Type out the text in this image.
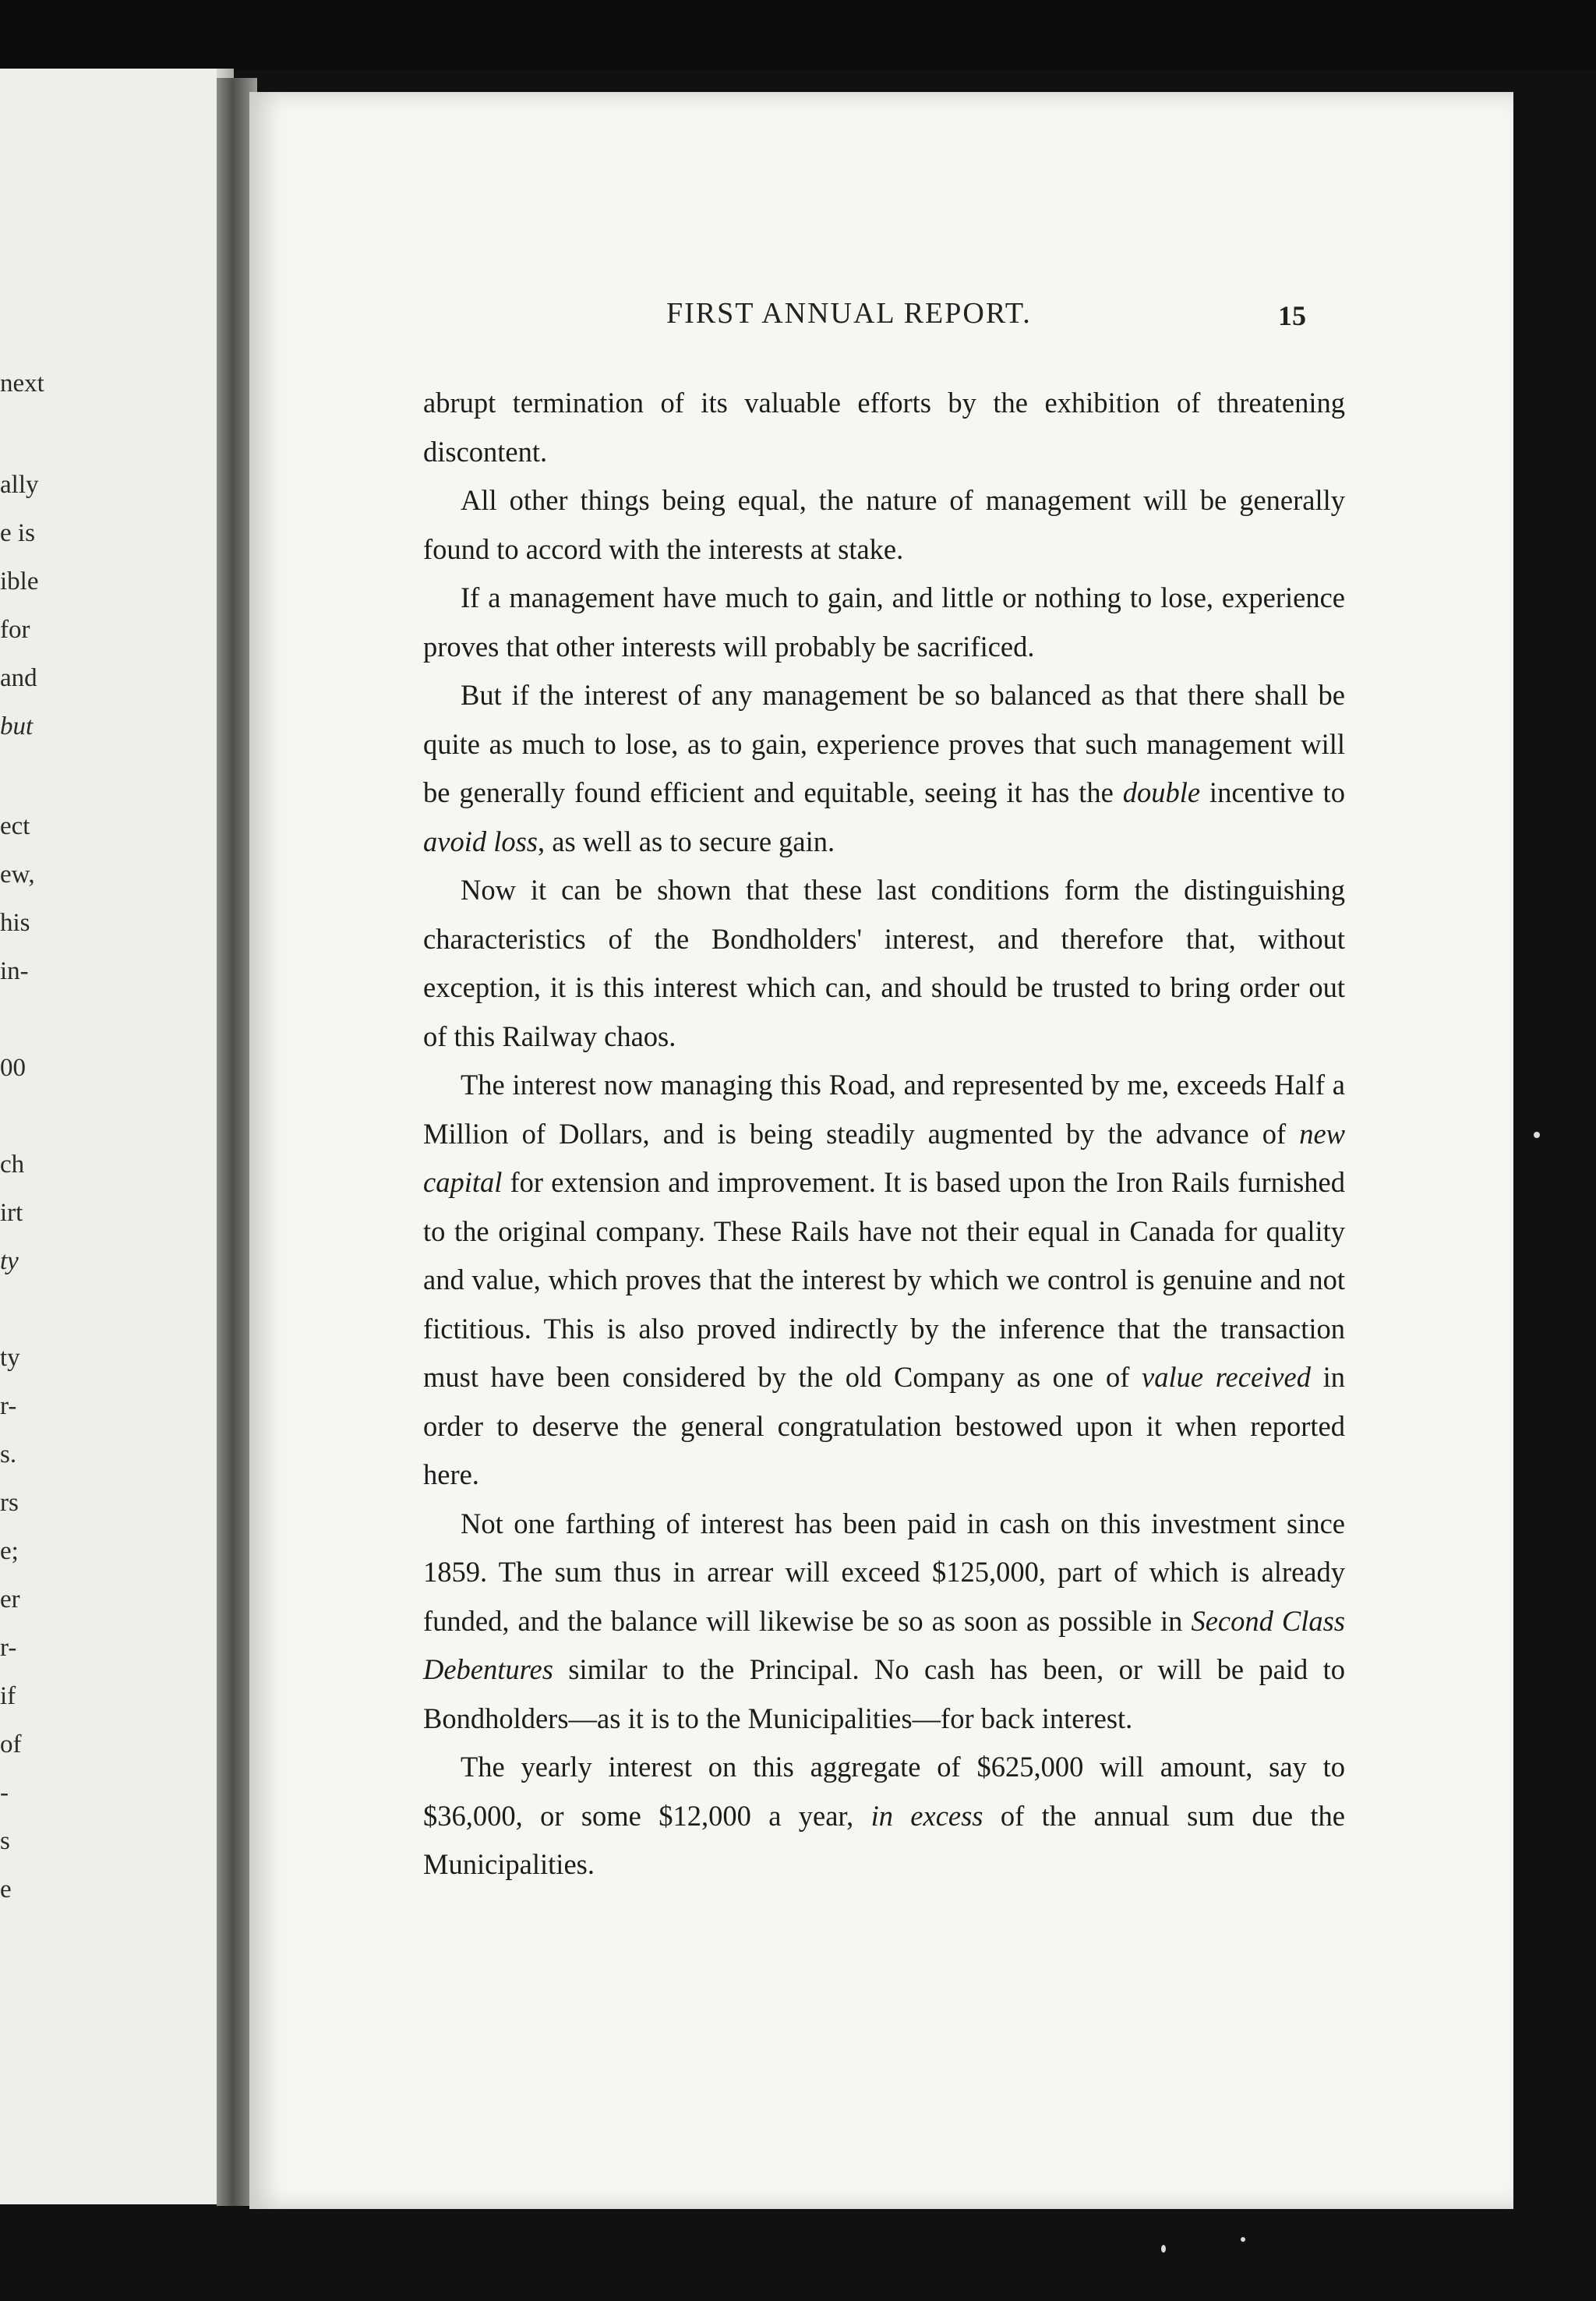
next
ally
e is
ible
for
and
but
ect
ew,
his
in-
00
ch
irt
ty
ty
r-
s.
rs
e;
er
r-
if
of
-
s
e
FIRST ANNUAL REPORT.	15

abrupt termination of its valuable efforts by the exhibition of threatening discontent.

All other things being equal, the nature of management will be generally found to accord with the interests at stake.

If a management have much to gain, and little or nothing to lose, experience proves that other interests will probably be sacrificed.

But if the interest of any management be so balanced as that there shall be quite as much to lose, as to gain, experience proves that such management will be generally found efficient and equitable, seeing it has the double incentive to avoid loss, as well as to secure gain.

Now it can be shown that these last conditions form the distinguishing characteristics of the Bondholders' interest, and therefore that, without exception, it is this interest which can, and should be trusted to bring order out of this Railway chaos.

The interest now managing this Road, and represented by me, exceeds Half a Million of Dollars, and is being steadily augmented by the advance of new capital for extension and improvement. It is based upon the Iron Rails furnished to the original company. These Rails have not their equal in Canada for quality and value, which proves that the interest by which we control is genuine and not fictitious. This is also proved indirectly by the inference that the transaction must have been considered by the old Company as one of value received in order to deserve the general congratulation bestowed upon it when reported here.

Not one farthing of interest has been paid in cash on this investment since 1859. The sum thus in arrear will exceed $125,000, part of which is already funded, and the balance will likewise be so as soon as possible in Second Class Debentures similar to the Principal. No cash has been, or will be paid to Bondholders—as it is to the Municipalities—for back interest.

The yearly interest on this aggregate of $625,000 will amount, say to $36,000, or some $12,000 a year, in excess of the annual sum due the Municipalities.
